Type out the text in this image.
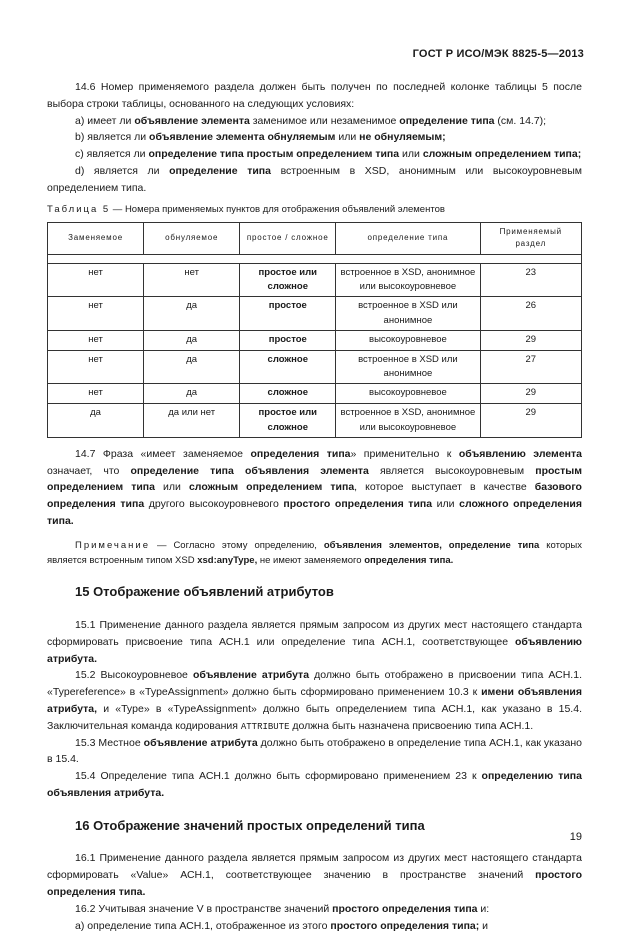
ГОСТ Р ИСО/МЭК 8825-5—2013

14.6 Номер применяемого раздела должен быть получен по последней колонке таблицы 5 после выбора строки таблицы, основанного на следующих условиях:

а) имеет ли объявление элемента заменимое или незаменимое определение типа (см. 14.7);

b) является ли объявление элемента обнуляемым или не обнуляемым;

с) является ли определение типа простым определением типа или сложным определением типа;

d) является ли определение типа встроенным в XSD, анонимным или высокоуровневым определением типа.

Таблица 5 — Номера применяемых пунктов для отображения объявлений элементов
Заменяемое	обнуляемое	простое / сложное	определение типа	Применяемый раздел

нет	нет	простое или сложное	встроенное в XSD, анонимное или высокоуровневое	23
нет	да	простое	встроенное в XSD или анонимное	26
нет	да	простое	высокоуровневое	29
нет	да	сложное	встроенное в XSD или анонимное	27
нет	да	сложное	высокоуровневое	29
да	да или нет	простое или сложное	встроенное в XSD, анонимное или высокоуровневое	29

14.7 Фраза «имеет заменяемое определения типа» применительно к объявлению элемента означает, что определение типа объявления элемента является высокоуровневым простым определением типа или сложным определением типа, которое выступает в качестве базового определения типа другого высокоуровневого простого определения типа или сложного определения типа.

Примечание — Согласно этому определению, объявления элементов, определение типа которых является встроенным типом XSD xsd:anyType, не имеют заменяемого определения типа.

15 Отображение объявлений атрибутов

15.1 Применение данного раздела является прямым запросом из других мест настоящего стандарта сформировать присвоение типа АСН.1 или определение типа АСН.1, соответствующее объявлению атрибута.

15.2 Высокоуровневое объявление атрибута должно быть отображено в присвоении типа АСН.1. «Typereference» в «TypeAssignment» должно быть сформировано применением 10.3 к имени объявления атрибута, и «Type» в «TypeAssignment» должно быть определением типа АСН.1, как указано в 15.4. Заключительная команда кодирования ATTRIBUTE должна быть назначена присвоению типа АСН.1.

15.3 Местное объявление атрибута должно быть отображено в определение типа АСН.1, как указано в 15.4.

15.4 Определение типа АСН.1 должно быть сформировано применением 23 к определению типа объявления атрибута.

16 Отображение значений простых определений типа

16.1 Применение данного раздела является прямым запросом из других мест настоящего стандарта сформировать «Value» АСН.1, соответствующее значению в пространстве значений простого определения типа.

16.2 Учитывая значение V в пространстве значений простого определения типа и:

а) определение типа АСН.1, отображенное из этого простого определения типа; и

19
